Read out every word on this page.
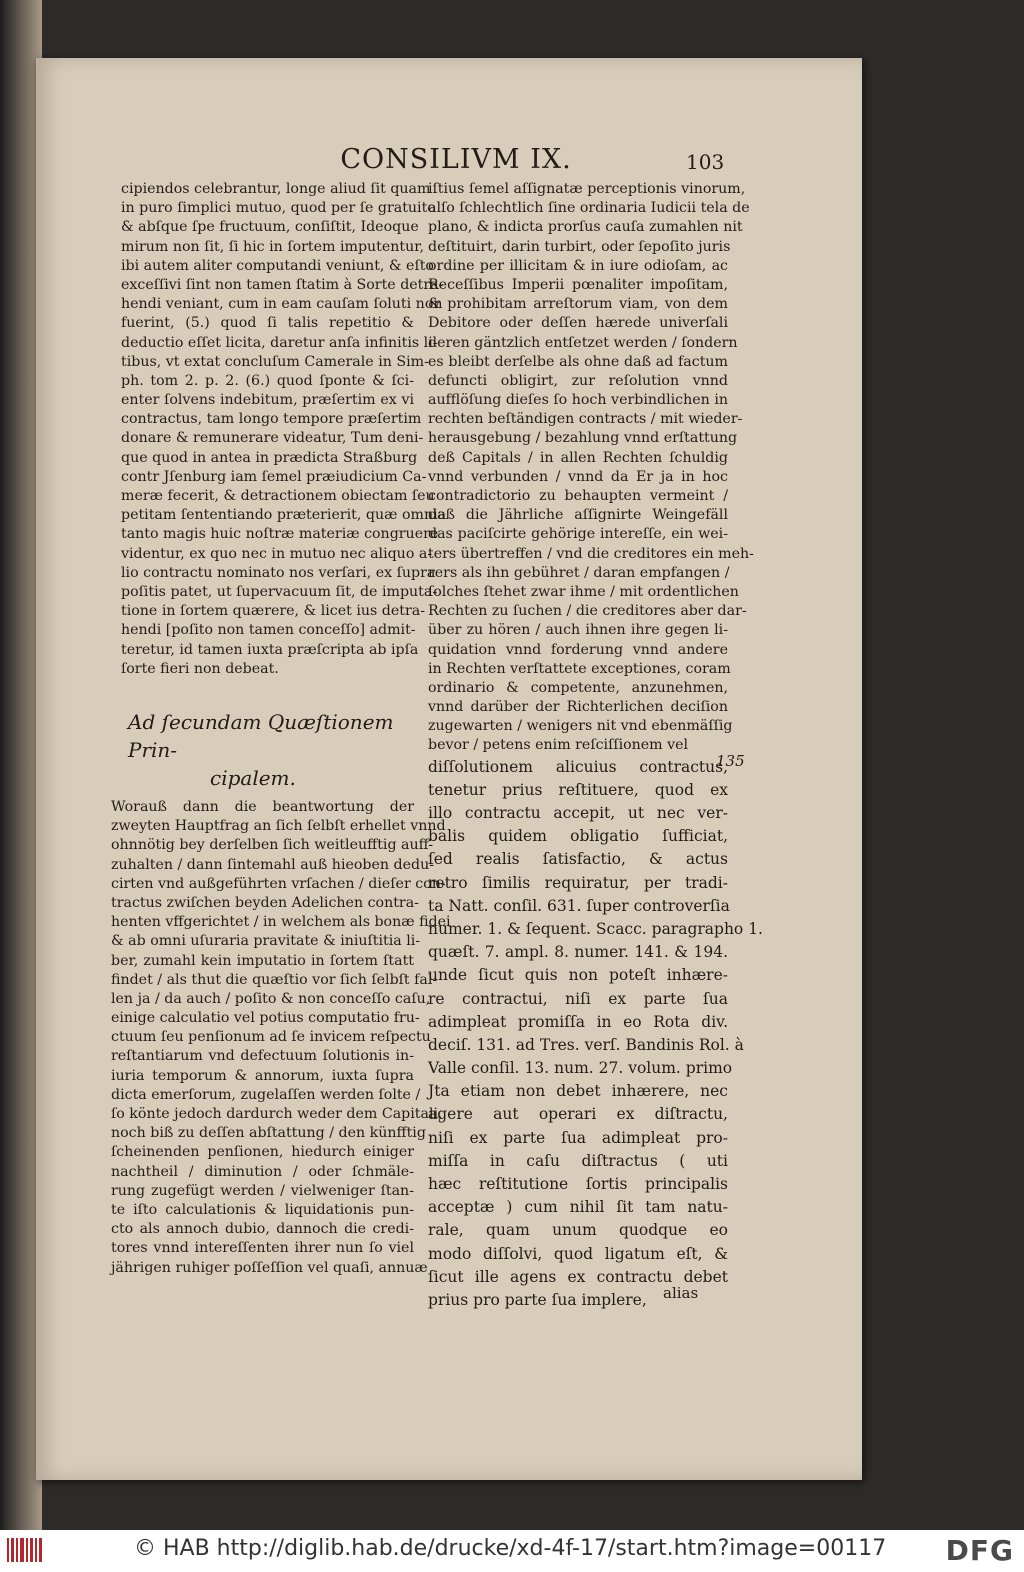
CONSILIVM IX.	103
cipiendos celebrantur, longe aliud ſit quam
in puro ſimplici mutuo, quod per ſe gratuito
& abſque ſpe fructuum, conſiſtit, Ideoque
mirum non ſit, ſi hic in ſortem imputentur,
ibi autem aliter computandi veniunt, & eſto
exceſſivi ſint non tamen ſtatim à Sorte detra-
hendi veniant, cum in eam cauſam ſoluti non
fuerint, (5.) quod ſi talis repetitio &
deductio eſſet licita, daretur anſa infinitis li-
tibus, vt extat concluſum Camerale in Sim-
ph. tom 2. p. 2. (6.) quod ſponte & ſci-
enter ſolvens indebitum, præſertim ex vi
contractus, tam longo tempore præſertim
donare & remunerare videatur, Tum deni-
que quod in antea in prædicta Straßburg
contr Jſenburg iam ſemel præiudicium Ca-
meræ fecerit, & detractionem obiectam ſeu
petitam ſententiando præterierit, quæ omnia
tanto magis huic noſtræ materiæ congruere
videntur, ex quo nec in mutuo nec aliquo a-
lio contractu nominato nos verſari, ex ſupra
poſitis patet, ut ſupervacuum ſit, de imputa-
tione in ſortem quærere, & licet ius detra-
hendi [poſito non tamen conceſſo] admit-
teretur, id tamen iuxta præſcripta ab ipſa
ſorte fieri non debeat.
Ad ſecundam Quæſtionem Prin-
cipalem.
Worauß dann die beantwortung der
zweyten Hauptfrag an ſich ſelbſt erhellet vnnd
ohnnötig bey derſelben ſich weitleufftig auff-
zuhalten / dann ſintemahl auß hieoben dedu-
cirten vnd außgeführten vrſachen / dieſer con-
tractus zwiſchen beyden Adelichen contra-
henten vffgerichtet / in welchem als bonæ fidei
& ab omni uſuraria pravitate & iniuſtitia li-
ber, zumahl kein imputatio in ſortem ſtatt
findet / als thut die quæſtio vor ſich ſelbſt fal-
len ja / da auch / poſito & non conceſſo caſu,
einige calculatio vel potius computatio fru-
ctuum ſeu penſionum ad ſe invicem reſpectu
reſtantiarum vnd defectuum ſolutionis in-
iuria temporum & annorum, iuxta ſupra
dicta emerſorum, zugelaſſen werden ſolte /
ſo könte jedoch dardurch weder dem Capitali,
noch biß zu deſſen abſtattung / den künfftig
ſcheinenden penſionen, hiedurch einiger
nachtheil / diminution / oder ſchmäle-
rung zugefügt werden / vielweniger ſtan-
te iſto calculationis & liquidationis pun-
cto als annoch dubio, dannoch die credi-
tores vnnd intereſſenten ihrer nun ſo viel
jährigen ruhiger poſſeſſion vel quaſi, annuæ
iſtius ſemel aſſignatæ perceptionis vinorum,
alſo ſchlechtlich ſine ordinaria Iudicii tela de
plano, & indicta prorſus cauſa zumahlen nit
deſtituirt, darin turbirt, oder ſepoſito juris
ordine per illicitam & in iure odioſam, ac
Receſſibus Imperii pœnaliter impoſitam,
& prohibitam arreſtorum viam, von dem
Debitore oder deſſen hærede univerſali
deren gäntzlich entſetzet werden / ſondern
es bleibt derſelbe als ohne daß ad factum
defuncti obligirt, zur reſolution vnnd
aufflöſung dieſes ſo hoch verbindlichen in
rechten beſtändigen contracts / mit wieder-
herausgebung / bezahlung vnnd erſtattung
deß Capitals / in allen Rechten ſchuldig
vnnd verbunden / vnnd da Er ja in hoc
contradictorio zu behaupten vermeint /
daß die Jährliche aſſignirte Weingefäll
das paciſcirte gehörige intereſſe, ein wei-
ters übertreffen / vnd die creditores ein meh-
rers als ihn gebühret / daran empfangen /
ſolches ſtehet zwar ihme / mit ordentlichen
Rechten zu ſuchen / die creditores aber dar-
über zu hören / auch ihnen ihre gegen li-
quidation vnnd forderung vnnd andere
in Rechten verſtattete exceptiones, coram
ordinario & competente, anzunehmen,
vnnd darüber der Richterlichen deciſion
zugewarten / wenigers nit vnd ebenmäſſig
bevor / petens enim reſciſſionem vel
diſſolutionem alicuius contractus,
tenetur prius reſtituere, quod ex
illo contractu accepit, ut nec ver-
balis quidem obligatio ſufficiat,
ſed realis ſatisfactio, & actus
retro ſimilis requiratur, per tradi-
ta Natt. conſil. 631. ſuper controverſia
numer. 1. & ſequent. Scacc. paragrapho 1.
quæſt. 7. ampl. 8. numer. 141. & 194.
unde ſicut quis non poteſt inhære-
re contractui, niſi ex parte ſua
adimpleat promiſſa in eo Rota div.
deciſ. 131. ad Tres. verſ. Bandinis Rol. à
Valle conſil. 13. num. 27. volum. primo
Jta etiam non debet inhærere, nec
agere aut operari ex diſtractu,
niſi ex parte ſua adimpleat pro-
miſſa in caſu diſtractus ( uti
hæc reſtitutione ſortis principalis
acceptæ ) cum nihil ſit tam natu-
rale, quam unum quodque eo
modo diſſolvi, quod ligatum eſt, &
ſicut ille agens ex contractu debet
prius pro parte ſua implere,
135
alias
© HAB http://diglib.hab.de/drucke/xd-4f-17/start.htm?image=00117 DFG
